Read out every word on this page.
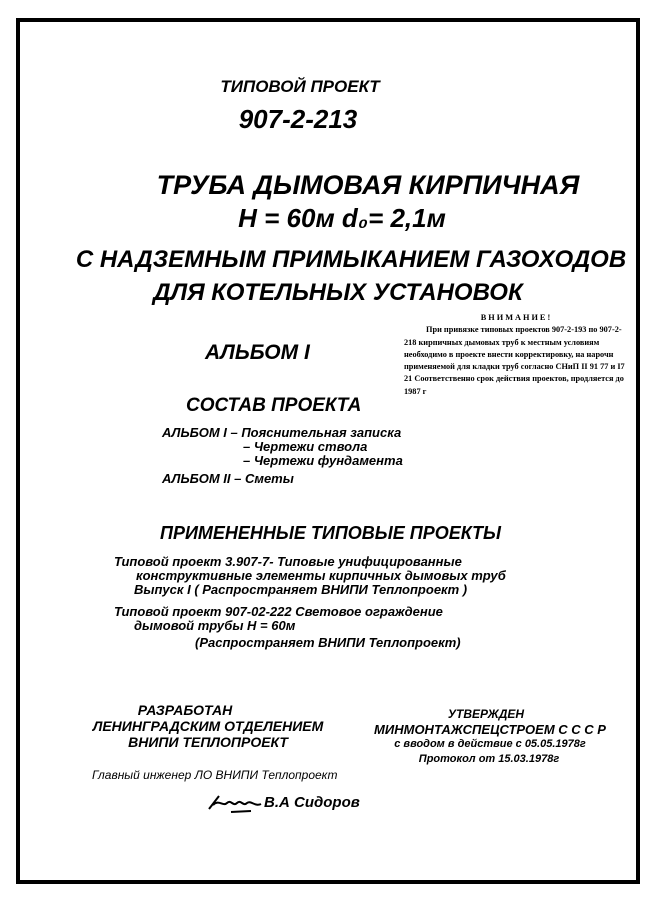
ТИПОВОЙ ПРОЕКТ
907-2-213
ТРУБА ДЫМОВАЯ КИРПИЧНАЯ
H = 60м d₀= 2,1м
С НАДЗЕМНЫМ ПРИМЫКАНИЕМ ГАЗОХОДОВ
ДЛЯ КОТЕЛЬНЫХ УСТАНОВОК
АЛЬБОМ I
ВНИМАНИЕ!
При привязке типовых проектов 907-2-193 по 907-2-218 кирпичных дымовых труб к местным условиям необходимо в проекте внести корректировку, на нарочн применяемой для кладки труб согласно СНиП II 91 77 и I7 21 Соответственно срок действия проектов, продляется до 1987 г
СОСТАВ ПРОЕКТА
АЛЬБОМ I – Пояснительная записка
– Чертежи ствола
– Чертежи фундамента
АЛЬБОМ II – Сметы
ПРИМЕНЕННЫЕ ТИПОВЫЕ ПРОЕКТЫ
Типовой проект 3.907-7- Типовые унифицированные
конструктивные элементы кирпичных дымовых труб
Выпуск I ( Распространяет ВНИПИ Теплопроект )
Типовой проект 907-02-222 Световое ограждение
дымовой трубы H = 60м
(Распространяет ВНИПИ Теплопроект)
РАЗРАБОТАН
ЛЕНИНГРАДСКИМ ОТДЕЛЕНИЕМ
ВНИПИ ТЕПЛОПРОЕКТ
УТВЕРЖДЕН
МИНМОНТАЖСПЕЦСТРОЕМ С С С Р
с вводом в действие с 05.05.1978г
Протокол от 15.03.1978г
Главный инженер ЛО ВНИПИ Теплопроект
В.А Сидоров
